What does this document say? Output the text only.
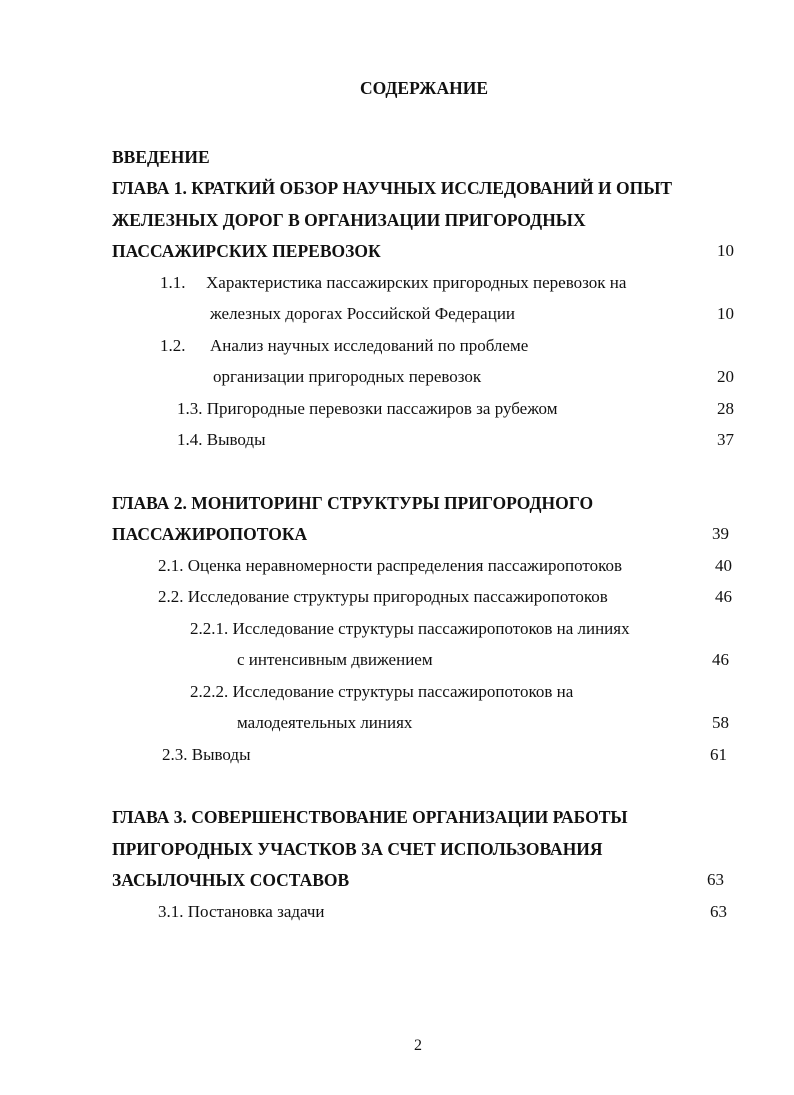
СОДЕРЖАНИЕ
ВВЕДЕНИЕ
ГЛАВА 1. КРАТКИЙ ОБЗОР НАУЧНЫХ ИССЛЕДОВАНИЙ И ОПЫТ
ЖЕЛЕЗНЫХ ДОРОГ В ОРГАНИЗАЦИИ ПРИГОРОДНЫХ
ПАССАЖИРСКИХ ПЕРЕВОЗОК	10
1.1. Характеристика пассажирских пригородных перевозок на
железных дорогах Российской Федерации	10
1.2. Анализ научных исследований по проблеме
организации пригородных перевозок	20
1.3. Пригородные перевозки пассажиров за рубежом	28
1.4. Выводы	37
ГЛАВА 2. МОНИТОРИНГ СТРУКТУРЫ ПРИГОРОДНОГО
ПАССАЖИРОПОТОКА	39
2.1. Оценка неравномерности распределения пассажиропотоков	40
2.2. Исследование структуры пригородных пассажиропотоков	46
2.2.1. Исследование структуры пассажиропотоков на линиях
с интенсивным движением	46
2.2.2. Исследование структуры пассажиропотоков на
малодеятельных линиях	58
2.3. Выводы	61
ГЛАВА 3. СОВЕРШЕНСТВОВАНИЕ ОРГАНИЗАЦИИ РАБОТЫ
ПРИГОРОДНЫХ УЧАСТКОВ ЗА СЧЕТ ИСПОЛЬЗОВАНИЯ
ЗАСЫЛОЧНЫХ СОСТАВОВ	63
3.1. Постановка задачи	63
2
